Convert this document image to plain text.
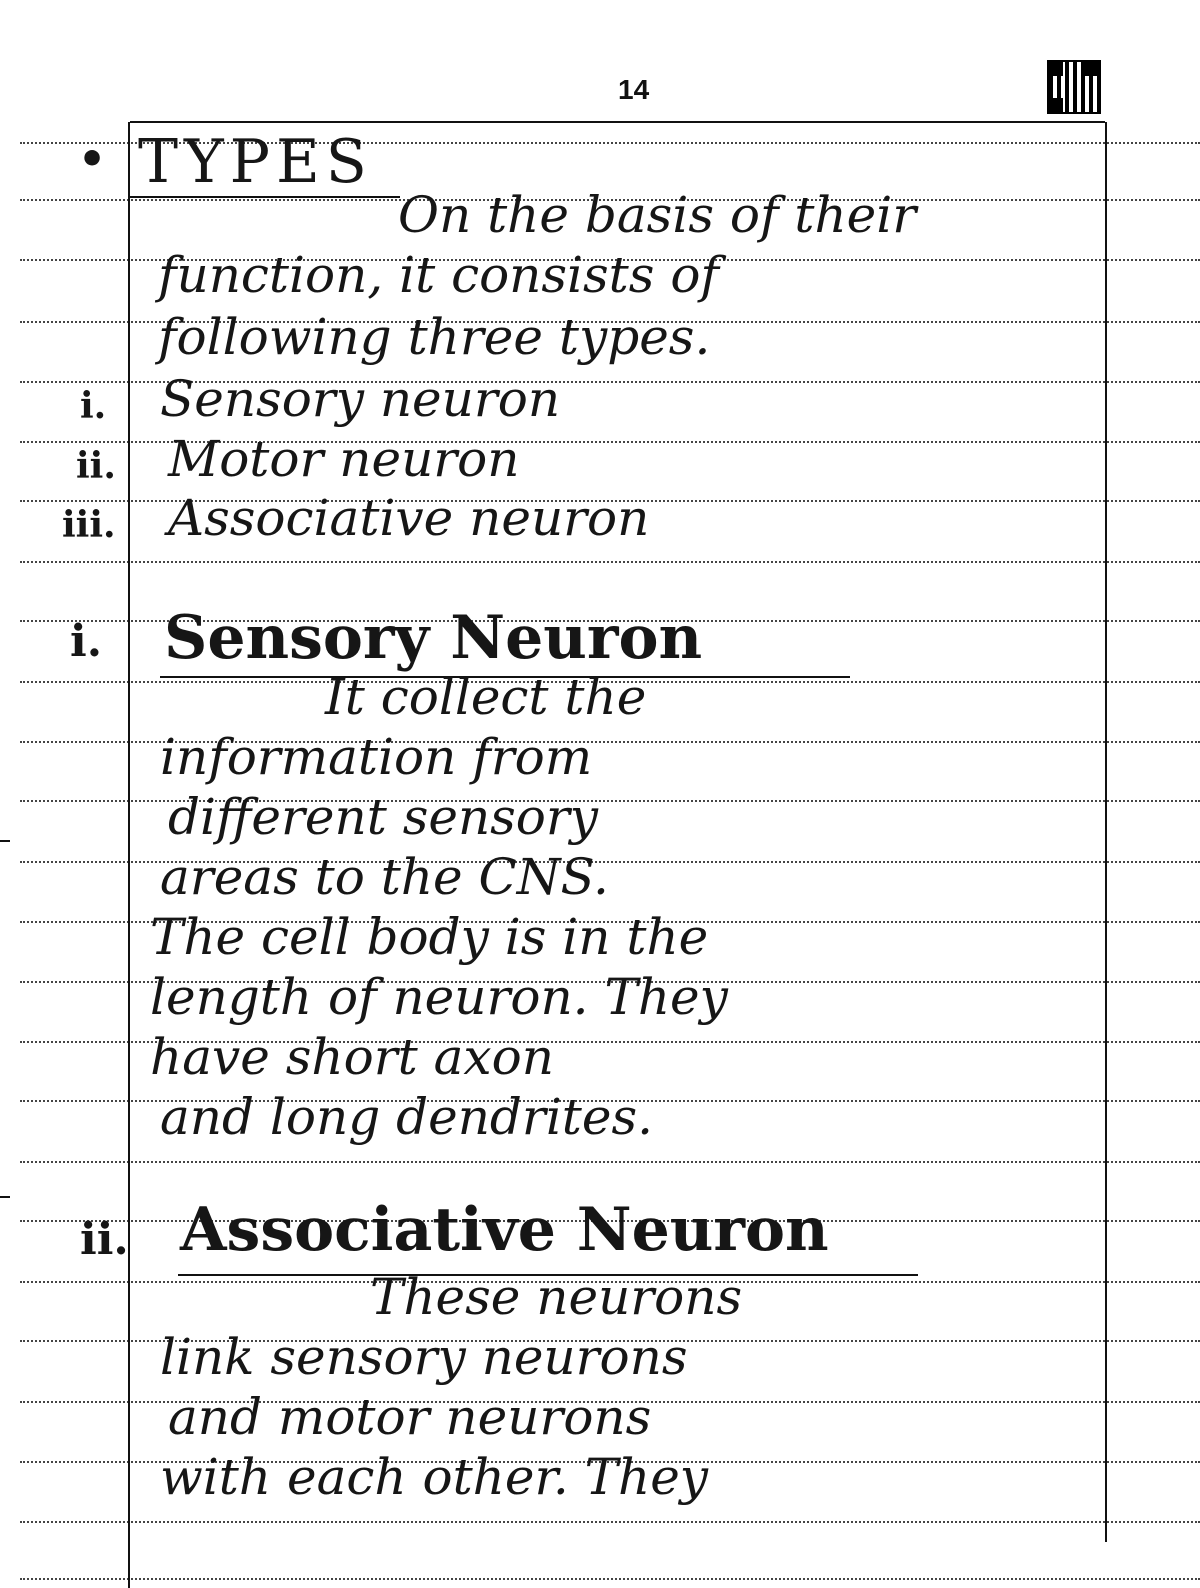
14
• TYPES
On the basis of their
function, it consists of
following three types.
i. Sensory neuron
ii. Motor neuron
iii. Associative neuron
i. Sensory Neuron
It collect the
information from
different sensory
areas to the CNS.
The cell body is in the
length of neuron. They
have short axon
and long dendrites.
ii. Associative Neuron
These neurons
link sensory neurons
and motor neurons
with each other. They
